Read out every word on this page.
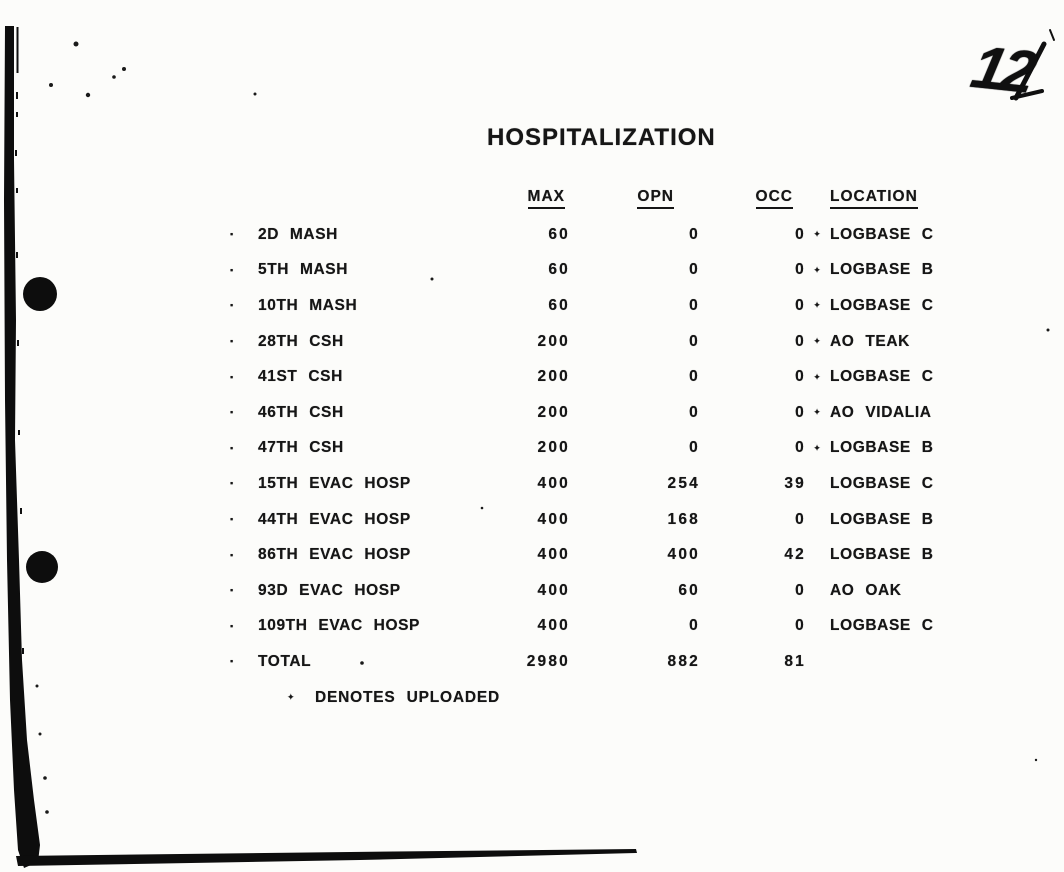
12
HOSPITALIZATION
MAX	OPN	OCC LOCATION
▪	2D MASH	60	0	0 ✦ LOGBASE C
▪	5TH MASH	60	0	0 ✦ LOGBASE B
▪	10TH MASH	60	0	0 ✦ LOGBASE C
▪	28TH CSH	200	0	0 ✦ AO TEAK
▪	41ST CSH	200	0	0 ✦ LOGBASE C
▪	46TH CSH	200	0	0 ✦ AO VIDALIA
▪	47TH CSH	200	0	0 ✦ LOGBASE B
▪	15TH EVAC HOSP	400	254	39 LOGBASE C
▪	44TH EVAC HOSP	400	168	0 LOGBASE B
▪	86TH EVAC HOSP	400	400	42 LOGBASE B
▪	93D EVAC HOSP	400	60	0 AO OAK
▪	109TH EVAC HOSP	400	0	0 LOGBASE C
▪	TOTAL	2980	882	81
✦	DENOTES UPLOADED
